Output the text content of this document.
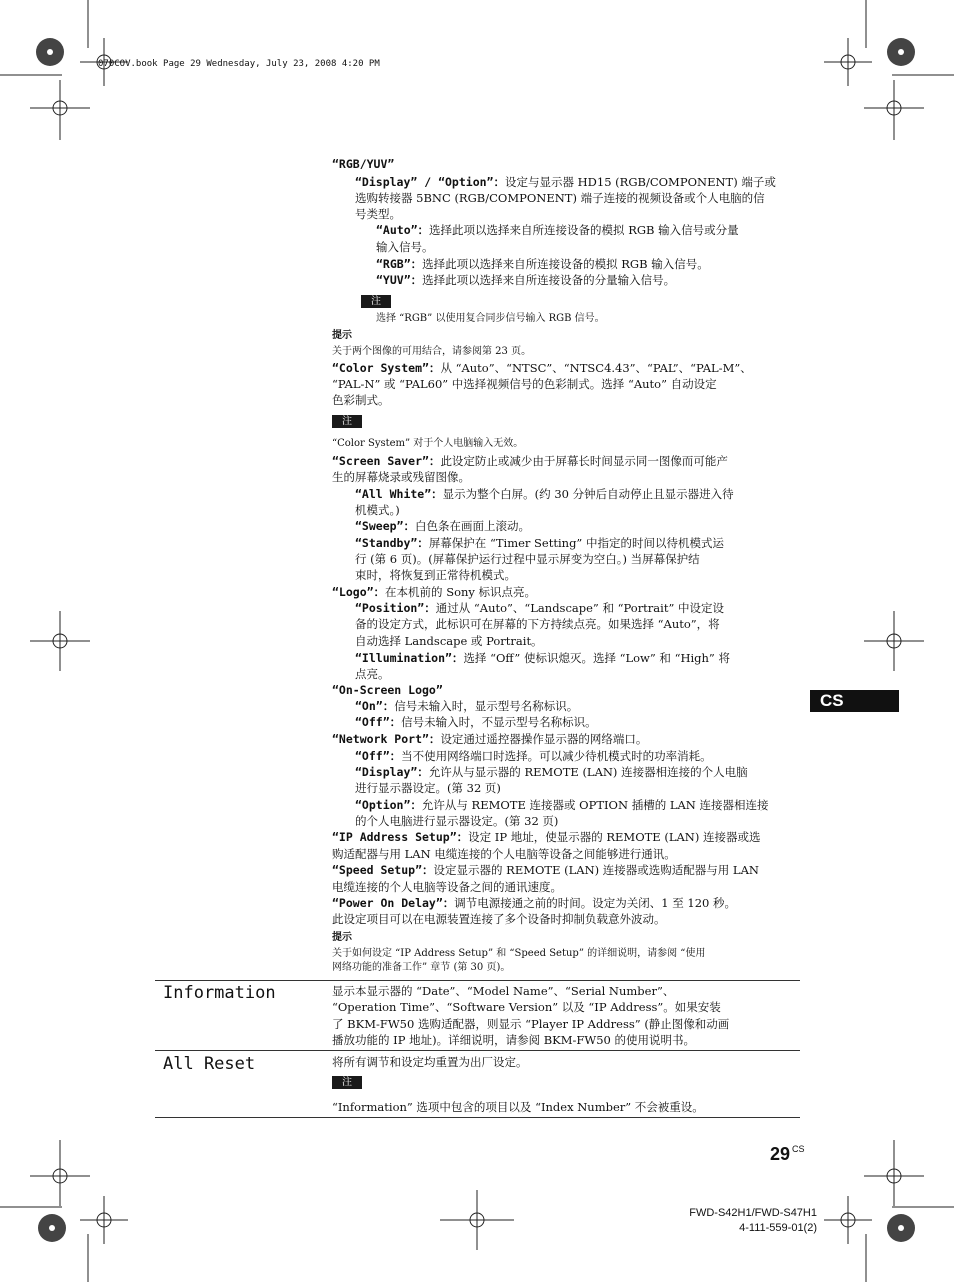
070COV.book Page 29 Wednesday, July 23, 2008 4:20 PM
“RGB/YUV”
“Display” / “Option”：设定与显示器 HD15 (RGB/COMPONENT) 端子或
选购转接器 5BNC (RGB/COMPONENT) 端子连接的视频设备或个人电脑的信
号类型。
“Auto”：选择此项以选择来自所连接设备的模拟 RGB 输入信号或分量
输入信号。
“RGB”：选择此项以选择来自所连接设备的模拟 RGB 输入信号。
“YUV”：选择此项以选择来自所连接设备的分量输入信号。
选择 “RGB” 以使用复合同步信号输入 RGB 信号。
提示
关于两个图像的可用结合，请参阅第 23 页。
“Color System”：从 “Auto”、“NTSC”、“NTSC4.43”、“PAL”、“PAL-M”、
“PAL-N” 或 “PAL60” 中选择视频信号的色彩制式。选择 “Auto” 自动设定
色彩制式。
“Color System” 对于个人电脑输入无效。
“Screen Saver”：此设定防止或减少由于屏幕长时间显示同一图像而可能产
生的屏幕烧录或残留图像。
“All White”：显示为整个白屏。(约 30 分钟后自动停止且显示器进入待
机模式。)
“Sweep”：白色条在画面上滚动。
“Standby”：屏幕保护在 “Timer Setting” 中指定的时间以待机模式运
行 (第 6 页)。(屏幕保护运行过程中显示屏变为空白。) 当屏幕保护结
束时，将恢复到正常待机模式。
“Logo”：在本机前的 Sony 标识点亮。
“Position”：通过从 “Auto”、“Landscape” 和 “Portrait” 中设定设
备的设定方式，此标识可在屏幕的下方持续点亮。如果选择 “Auto”，将
自动选择 Landscape 或 Portrait。
“Illumination”：选择 “Off” 使标识熄灭。选择 “Low” 和 “High” 将
点亮。
“On-Screen Logo”
“On”：信号未输入时，显示型号名称标识。
“Off”：信号未输入时，不显示型号名称标识。
“Network Port”：设定通过遥控器操作显示器的网络端口。
“Off”：当不使用网络端口时选择。可以减少待机模式时的功率消耗。
“Display”：允许从与显示器的 REMOTE (LAN) 连接器相连接的个人电脑
进行显示器设定。(第 32 页)
“Option”：允许从与 REMOTE 连接器或 OPTION 插槽的 LAN 连接器相连接
的个人电脑进行显示器设定。(第 32 页)
“IP Address Setup”：设定 IP 地址，使显示器的 REMOTE (LAN) 连接器或选
购适配器与用 LAN 电缆连接的个人电脑等设备之间能够进行通讯。
“Speed Setup”：设定显示器的 REMOTE (LAN) 连接器或选购适配器与用 LAN
电缆连接的个人电脑等设备之间的通讯速度。
“Power On Delay”：调节电源接通之前的时间。设定为关闭、1 至 120 秒。
此设定项目可以在电源装置连接了多个设备时抑制负载意外波动。
提示
关于如何设定 “IP Address Setup” 和 “Speed Setup” 的详细说明，请参阅 “使用
网络功能的准备工作” 章节 (第 30 页)。
注
注
Information	显示本显示器的 “Date”、“Model Name”、“Serial Number”、
“Operation Time”、“Software Version” 以及 “IP Address”。如果安装
了 BKM-FW50 选购适配器，则显示 “Player IP Address” (静止图像和动画
播放功能的 IP 地址)。详细说明，请参阅 BKM-FW50 的使用说明书。
All Reset	将所有调节和设定均重置为出厂设定。
注
“Information” 选项中包含的项目以及 “Index Number” 不会被重设。
CS
29 $^{CS}$
FWD-S42H1/FWD-S47H1
4-111-559-01(2)
